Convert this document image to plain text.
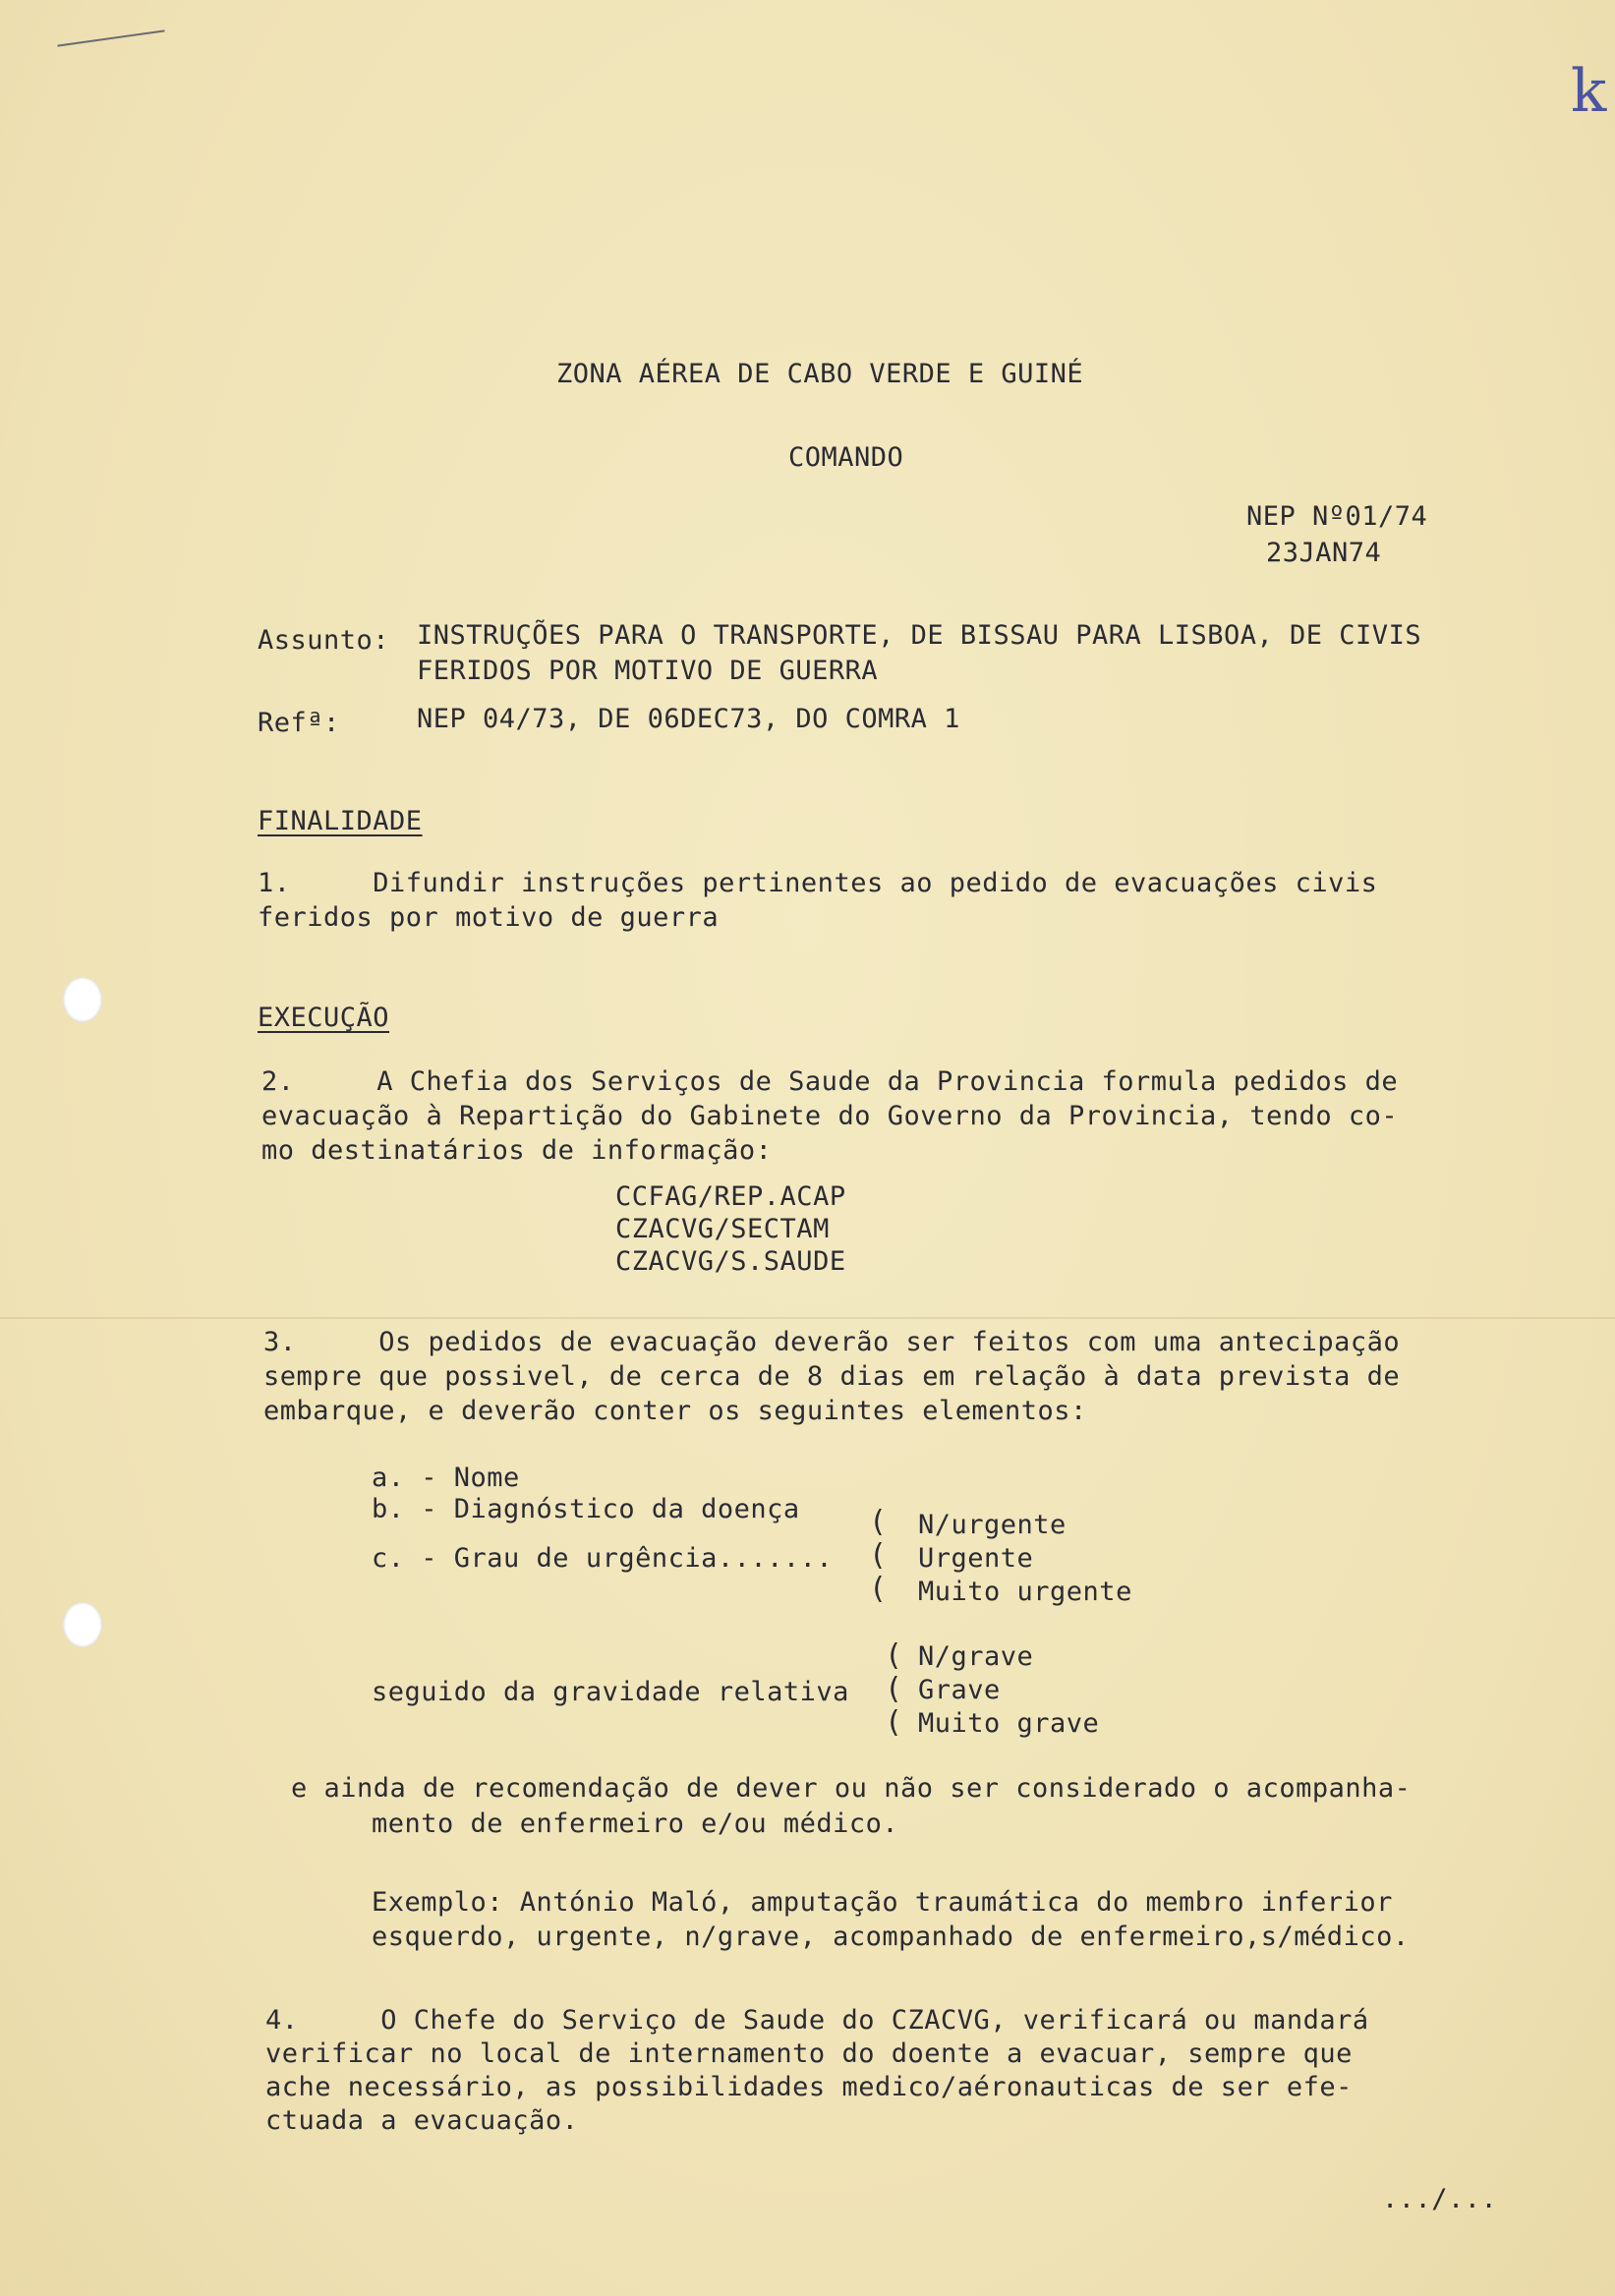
k
ZONA AÉREA DE CABO VERDE E GUINÉ
COMANDO
NEP Nº01/74
23JAN74
Assunto: INSTRUÇÕES PARA O TRANSPORTE, DE BISSAU PARA LISBOA, DE CIVIS
FERIDOS POR MOTIVO DE GUERRA
Refª:	NEP 04/73, DE 06DEC73, DO COMRA 1
FINALIDADE
1.     Difundir instruções pertinentes ao pedido de evacuações civis
feridos por motivo de guerra
EXECUÇÃO
2.     A Chefia dos Serviços de Saude da Provincia formula pedidos de
evacuação à Repartição do Gabinete do Governo da Provincia, tendo co-
mo destinatários de informação:
CCFAG/REP.ACAP
CZACVG/SECTAM
CZACVG/S.SAUDE
3.     Os pedidos de evacuação deverão ser feitos com uma antecipação
sempre que possivel, de cerca de 8 dias em relação à data prevista de
embarque, e deverão conter os seguintes elementos:
a. - Nome
b. - Diagnóstico da doença
c. - Grau de urgência.......
(
(
(
N/urgente
Urgente
Muito urgente
seguido da gravidade relativa
(
(
(
N/grave
Grave
Muito grave
e ainda de recomendação de dever ou não ser considerado o acompanha-
mento de enfermeiro e/ou médico.
Exemplo: António Maló, amputação traumática do membro inferior
esquerdo, urgente, n/grave, acompanhado de enfermeiro,s/médico.
4.     O Chefe do Serviço de Saude do CZACVG, verificará ou mandará
verificar no local de internamento do doente a evacuar, sempre que
ache necessário, as possibilidades medico/aéronauticas de ser efe-
ctuada a evacuação.
.../...
